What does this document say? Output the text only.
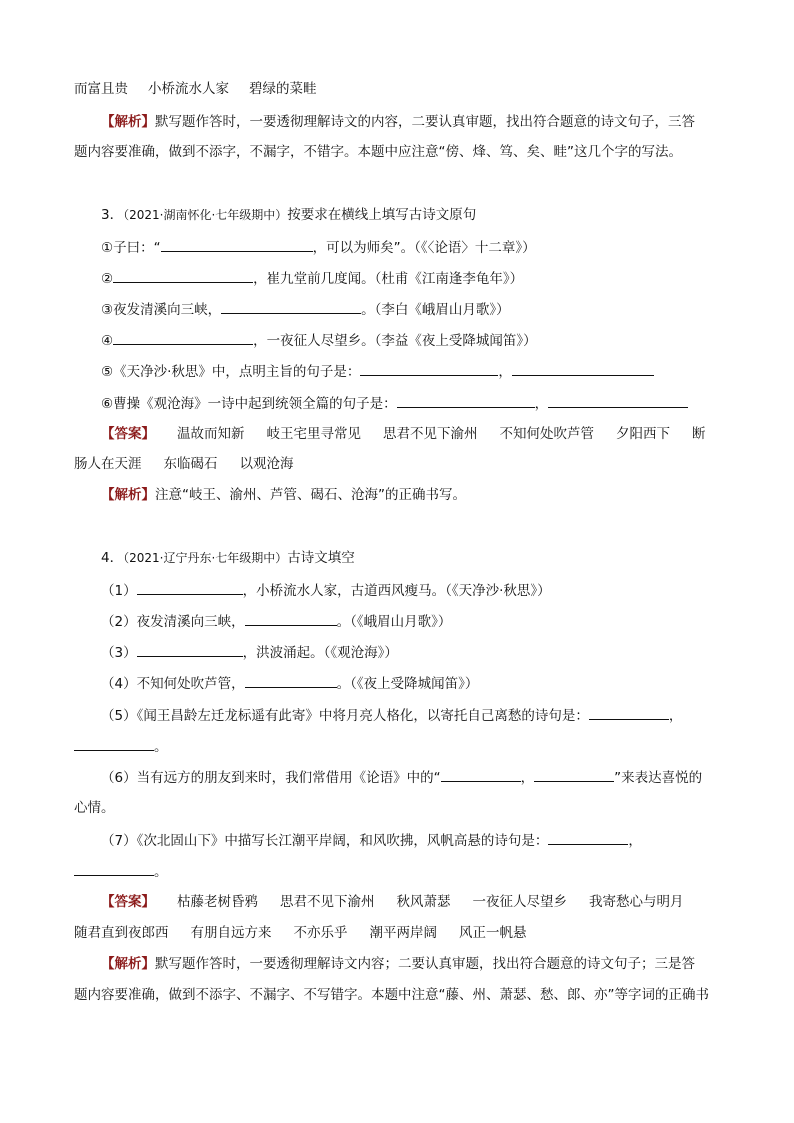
而富且贵 小桥流水人家 碧绿的菜畦
【解析】默写题作答时，一要透彻理解诗文的内容，二要认真审题，找出符合题意的诗文句子，三答
题内容要准确，做到不添字，不漏字，不错字。本题中应注意“傍、烽、笃、矣、畦”这几个字的写法。
3．（2021·湖南怀化·七年级期中）按要求在横线上填写古诗文原句
①子曰：“	，可以为师矣”。（《〈论语〉十二章》）
②	，崔九堂前几度闻。（杜甫《江南逢李龟年》）
③夜发清溪向三峡，	。（李白《峨眉山月歌》）
④	，一夜征人尽望乡。（李益《夜上受降城闻笛》）
⑤《天净沙·秋思》中，点明主旨的句子是：	，
⑥曹操《观沧海》一诗中起到统领全篇的句子是：	，
【答案】 温故而知新 岐王宅里寻常见 思君不见下渝州 不知何处吹芦管 夕阳西下 断
肠人在天涯 东临碣石 以观沧海
【解析】注意“岐王、渝州、芦管、碣石、沧海”的正确书写。
4．（2021·辽宁丹东·七年级期中）古诗文填空
（1）	，小桥流水人家，古道西风瘦马。（《天净沙·秋思》）
（2）夜发清溪向三峡，	。（《峨眉山月歌》）
（3）	，洪波涌起。（《观沧海》）
（4）不知何处吹芦管，	。（《夜上受降城闻笛》）
（5）《闻王昌龄左迁龙标遥有此寄》中将月亮人格化，以寄托自己离愁的诗句是：	，
。
（6）当有远方的朋友到来时，我们常借用《论语》中的“	，	”来表达喜悦的
心情。
（7）《次北固山下》中描写长江潮平岸阔，和风吹拂，风帆高悬的诗句是：	，
。
【答案】 枯藤老树昏鸦 思君不见下渝州 秋风萧瑟 一夜征人尽望乡 我寄愁心与明月
随君直到夜郎西 有朋自远方来 不亦乐乎 潮平两岸阔 风正一帆悬
【解析】默写题作答时，一要透彻理解诗文内容；二要认真审题，找出符合题意的诗文句子；三是答
题内容要准确，做到不添字、不漏字、不写错字。本题中注意“藤、州、萧瑟、愁、郎、亦”等字词的正确书
